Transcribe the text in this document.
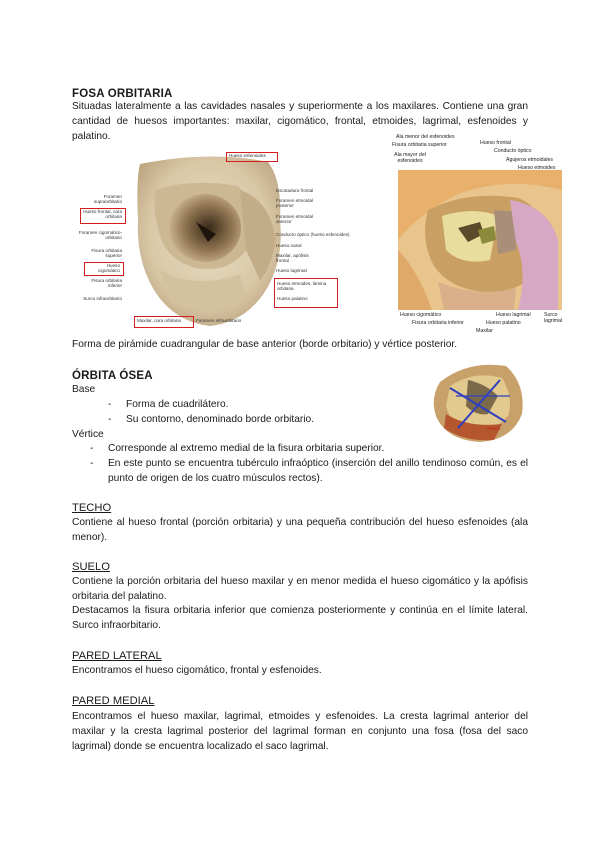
FOSA ORBITARIA

Situadas lateralmente a las cavidades nasales y superiormente a los maxilares. Contiene una gran cantidad de huesos importantes: maxilar, cigomático, frontal, etmoides, lagrimal, esfenoides y palatino.

Hueso esfenoides
Foramen supraorbitario
Hueso frontal, cara orbitaria
Foramen cigomático-orbitario
Fisura orbitaria superior
Hueso cigomático
Fisura orbitaria inferior
Surco infraorbitario
Escotadura frontal
Foramen etmoidal posterior
Foramen etmoidal anterior
Conducto óptico (hueso esfenoides)
Hueso nasal
Maxilar, apófisis frontal
Hueso lagrimal
Hueso etmoides, lámina orbitaria
Hueso palatino
Maxilar, cara orbitaria	Foramen infraorbitario
Ala menor del esfenoides
Fisura orbitaria superior
Ala mayor del esfenoides
Hueso frontal
Conducto óptico
Agujeros etmoidales
Hueso etmoides
Hueso cigomático
Fisura orbitaria inferior
Maxilar
Hueso lagrimal
Hueso palatino
Surco lagrimal

Forma de pirámide cuadrangular de base anterior (borde orbitario) y vértice posterior.

ÓRBITA ÓSEA
Base
- Forma de cuadrilátero.
- Su contorno, denominado borde orbitario.
Vértice
- Corresponde al extremo medial de la fisura orbitaria superior.
- En este punto se encuentra tubérculo infraóptico (inserción del anillo tendinoso común, es el punto de origen de los cuatro músculos rectos).
Vértice
TECHO

Contiene al hueso frontal (porción orbitaria) y una pequeña contribución del hueso esfenoides (ala menor).

SUELO

Contiene la porción orbitaria del hueso maxilar y en menor medida el hueso cigomático y la apófisis orbitaria del palatino.

Destacamos la fisura orbitaria inferior que comienza posteriormente y continúa en el límite lateral. Surco infraorbitario.

PARED LATERAL

Encontramos el hueso cigomático, frontal y esfenoides.

PARED MEDIAL

Encontramos el hueso maxilar, lagrimal, etmoides y esfenoides. La cresta lagrimal anterior del maxilar y la cresta lagrimal posterior del lagrimal forman en conjunto una fosa (fosa del saco lagrimal) donde se encuentra localizado el saco lagrimal.
